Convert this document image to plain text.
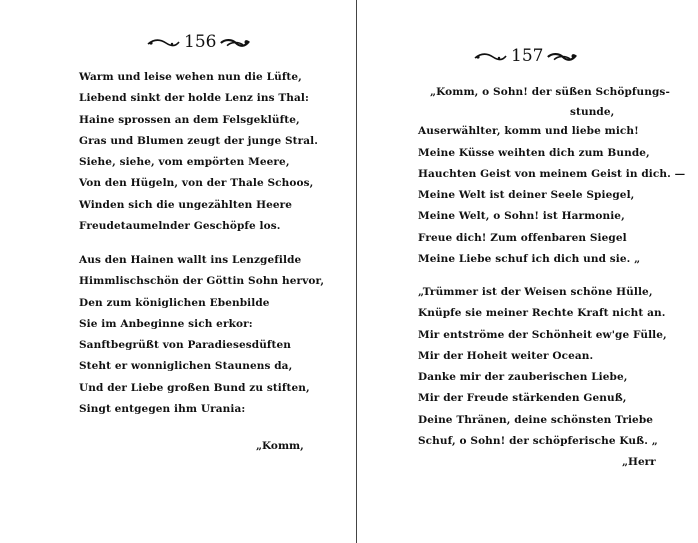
156
Warm und leise wehen nun die Lüfte,
Liebend sinkt der holde Lenz ins Thal:
Haine sprossen an dem Felsgeklüfte,
Gras und Blumen zeugt der junge Stral.
Siehe, siehe, vom empörten Meere,
Von den Hügeln, von der Thale Schoos,
Winden sich die ungezählten Heere
Freudetaumelnder Geschöpfe los.
Aus den Hainen wallt ins Lenzgefilde
Himmlischschön der Göttin Sohn hervor,
Den zum königlichen Ebenbilde
Sie im Anbeginne sich erkor:
Sanftbegrüßt von Paradiesesdüften
Steht er wonniglichen Staunens da,
Und der Liebe großen Bund zu stiften,
Singt entgegen ihm Urania:
„Komm,
157
„Komm, o Sohn! der süßen Schöpfungs-
stunde,
Auserwählter, komm und liebe mich!
Meine Küsse weihten dich zum Bunde,
Hauchten Geist von meinem Geist in dich. —
Meine Welt ist deiner Seele Spiegel,
Meine Welt, o Sohn! ist Harmonie,
Freue dich! Zum offenbaren Siegel
Meine Liebe schuf ich dich und sie. „
„Trümmer ist der Weisen schöne Hülle,
Knüpfe sie meiner Rechte Kraft nicht an.
Mir entströme der Schönheit ew'ge Fülle,
Mir der Hoheit weiter Ocean.
Danke mir der zauberischen Liebe,
Mir der Freude stärkenden Genuß,
Deine Thränen, deine schönsten Triebe
Schuf, o Sohn! der schöpferische Kuß. „
„Herr
